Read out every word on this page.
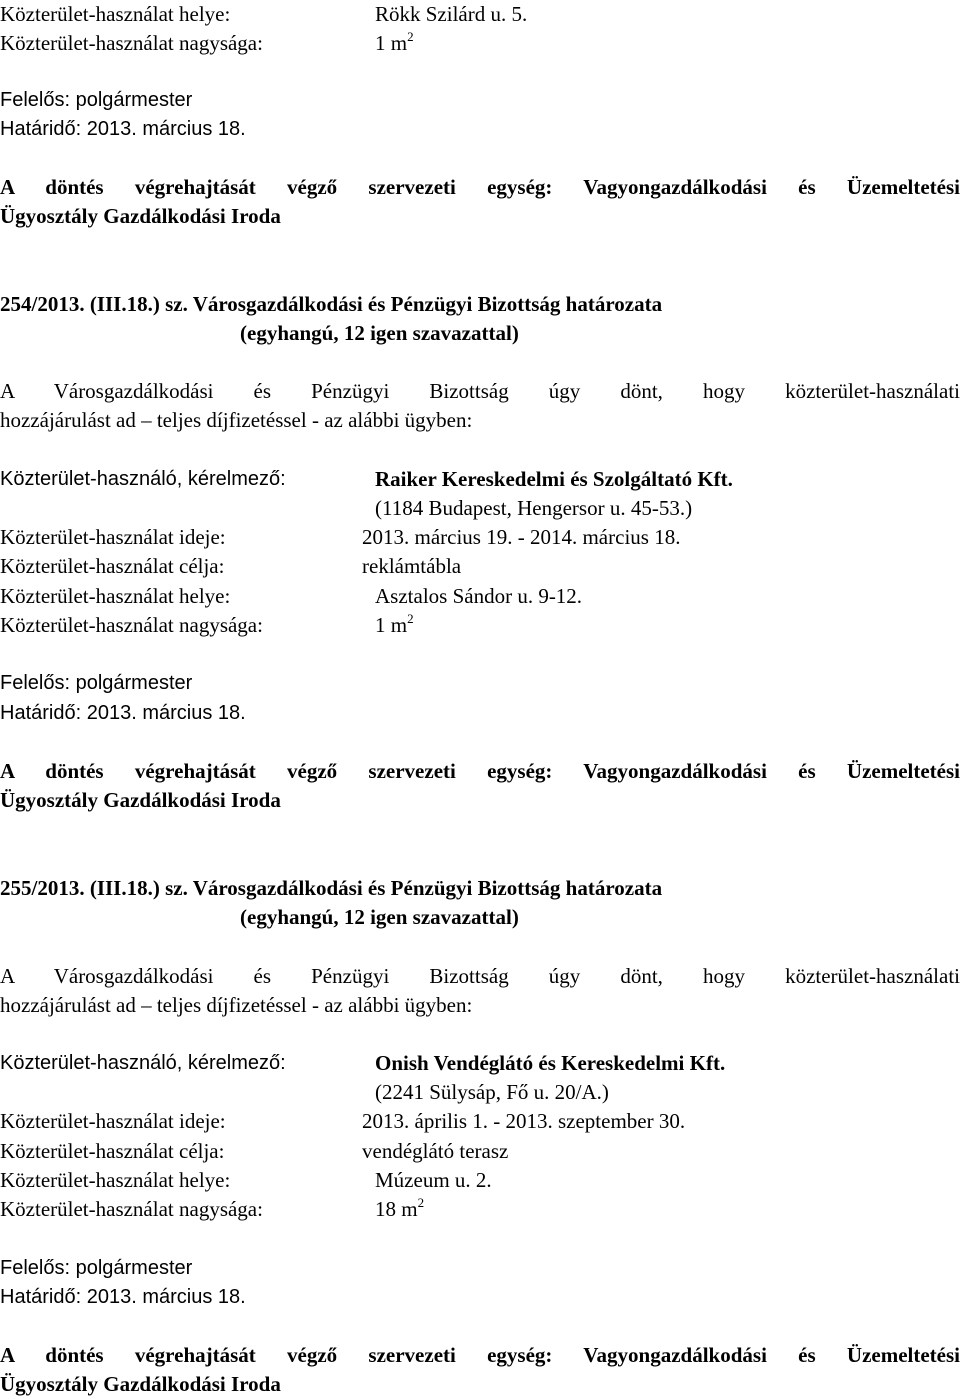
Közterület-használat helye:	Rökk Szilárd u. 5.
Közterület-használat nagysága:	1 $m^2$
Felelős: polgármester
Határidő: 2013. március 18.
A döntés végrehajtását végző szervezeti egység: Vagyongazdálkodási és Üzemeltetési
Ügyosztály Gazdálkodási Iroda
254/2013. (III.18.) sz. Városgazdálkodási és Pénzügyi Bizottság határozata
(egyhangú, 12 igen szavazattal)
A Városgazdálkodási és Pénzügyi Bizottság úgy dönt, hogy közterület-használati
hozzájárulást ad – teljes díjfizetéssel - az alábbi ügyben:
Közterület-használó, kérelmező:	Raiker Kereskedelmi és Szolgáltató Kft.
(1184 Budapest, Hengersor u. 45-53.)
Közterület-használat ideje:	2013. március 19. - 2014. március 18.
Közterület-használat célja:	reklámtábla
Közterület-használat helye:	Asztalos Sándor u. 9-12.
Közterület-használat nagysága:	1 $m^2$
Felelős: polgármester
Határidő: 2013. március 18.
A döntés végrehajtását végző szervezeti egység: Vagyongazdálkodási és Üzemeltetési
Ügyosztály Gazdálkodási Iroda
255/2013. (III.18.) sz. Városgazdálkodási és Pénzügyi Bizottság határozata
(egyhangú, 12 igen szavazattal)
A Városgazdálkodási és Pénzügyi Bizottság úgy dönt, hogy közterület-használati
hozzájárulást ad – teljes díjfizetéssel - az alábbi ügyben:
Közterület-használó, kérelmező:	Onish Vendéglátó és Kereskedelmi Kft.
(2241 Sülysáp, Fő u. 20/A.)
Közterület-használat ideje:	2013. április 1. - 2013. szeptember 30.
Közterület-használat célja:	vendéglátó terasz
Közterület-használat helye:	Múzeum u. 2.
Közterület-használat nagysága:	18 $m^2$
Felelős: polgármester
Határidő: 2013. március 18.
A döntés végrehajtását végző szervezeti egység: Vagyongazdálkodási és Üzemeltetési
Ügyosztály Gazdálkodási Iroda
